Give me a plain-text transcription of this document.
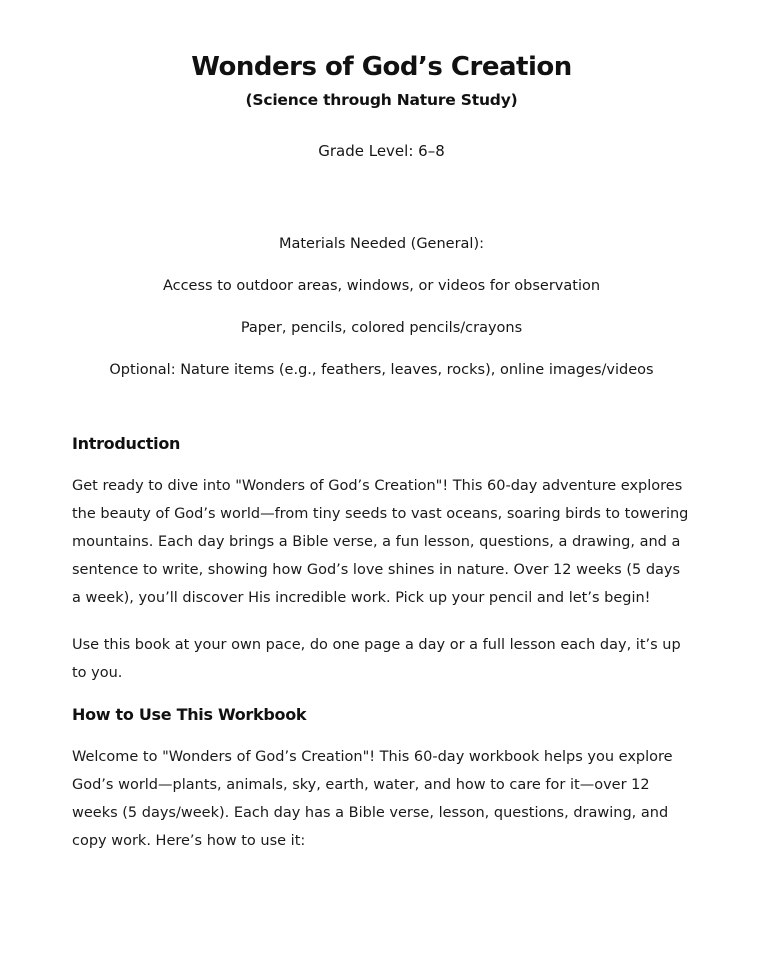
Wonders of God’s Creation
(Science through Nature Study)

Grade Level: 6–8

Materials Needed (General):

Access to outdoor areas, windows, or videos for observation

Paper, pencils, colored pencils/crayons

Optional: Nature items (e.g., feathers, leaves, rocks), online images/videos

Introduction

Get ready to dive into "Wonders of God’s Creation"! This 60-day adventure explores the beauty of God’s world—from tiny seeds to vast oceans, soaring birds to towering mountains. Each day brings a Bible verse, a fun lesson, questions, a drawing, and a sentence to write, showing how God’s love shines in nature. Over 12 weeks (5 days a week), you’ll discover His incredible work. Pick up your pencil and let’s begin!

Use this book at your own pace, do one page a day or a full lesson each day, it’s up to you.

How to Use This Workbook

Welcome to "Wonders of God’s Creation"! This 60-day workbook helps you explore God’s world—plants, animals, sky, earth, water, and how to care for it—over 12 weeks (5 days/week). Each day has a Bible verse, lesson, questions, drawing, and copy work. Here’s how to use it:
